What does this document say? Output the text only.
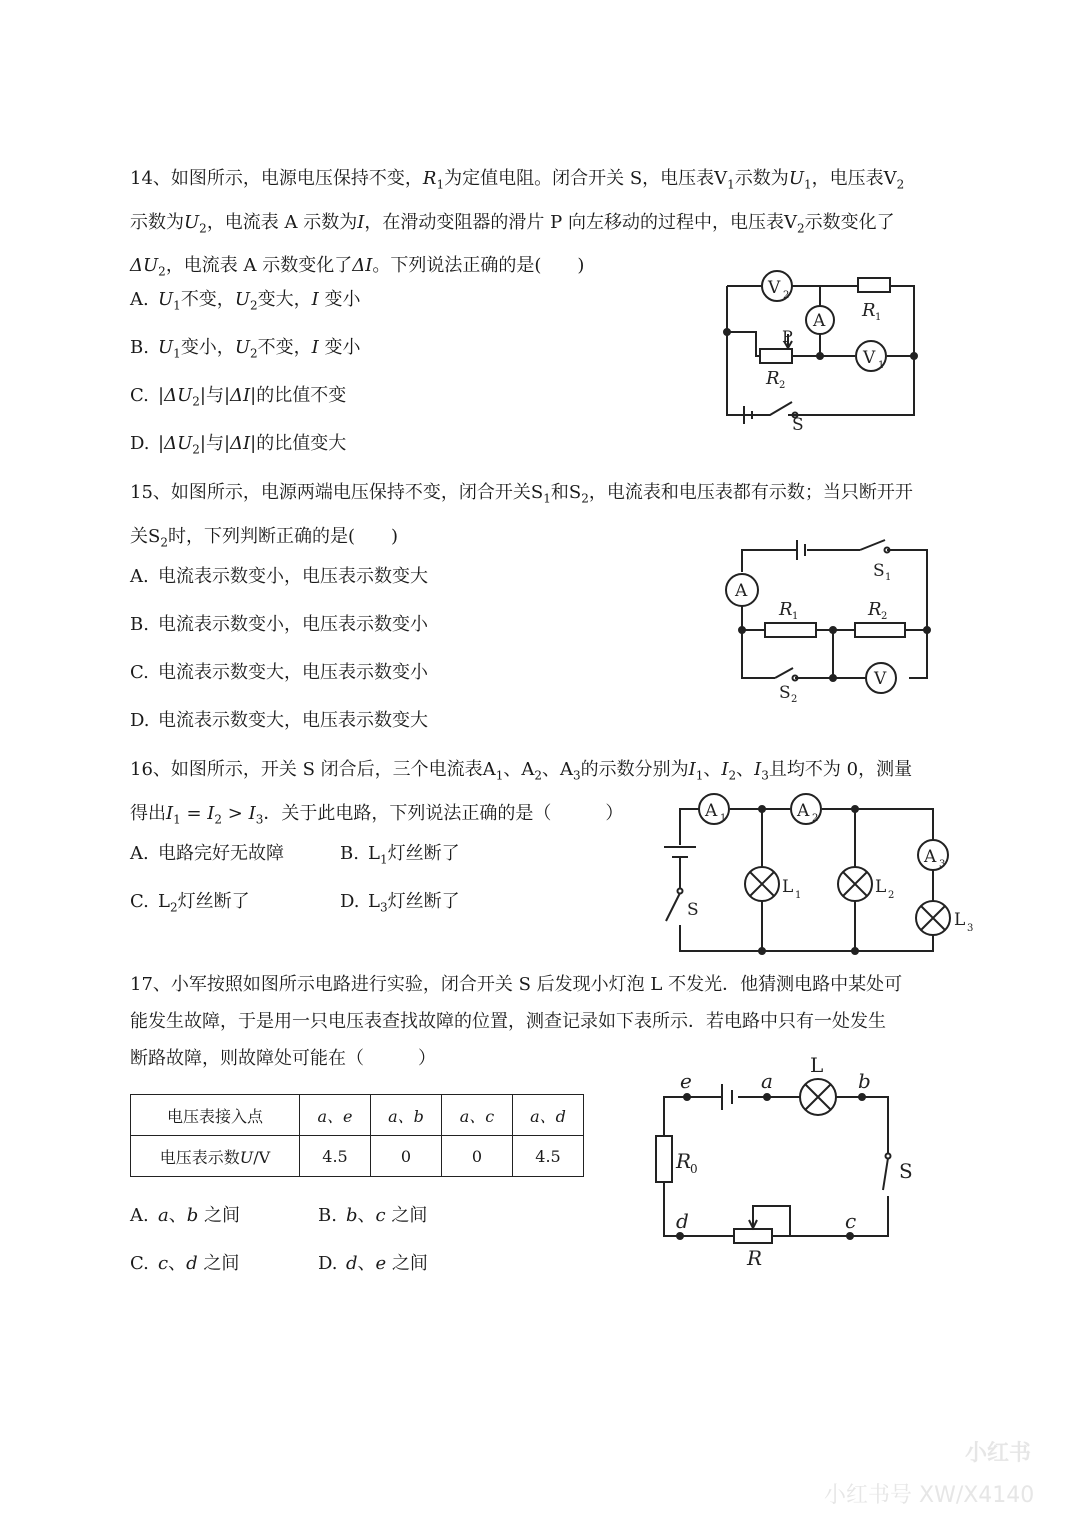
14、如图所示，电源电压保持不变，$R_1$为定值电阻。闭合开关 S，电压表$V_1$示数为$U_1$，电压表$V_2$
示数为$U_2$，电流表 A 示数为I，在滑动变阻器的滑片 P 向左移动的过程中，电压表$V_2$示数变化了
$\Delta U_2$，电流表 A 示数变化了ΔI。下列说法正确的是(　　)
A. $U_1$不变，$U_2$变大，I 变小
B. $U_1$变小，$U_2$不变，I 变小
C. $|\Delta U_2|$与|ΔI|的比值不变
D. $|\Delta U_2|$与|ΔI|的比值变大
V 2
A R 1
P
R 2
V 1
S
15、如图所示，电源两端电压保持不变，闭合开关$S_1$和$S_2$，电流表和电压表都有示数；当只断开开
关$S_2$时，下列判断正确的是(　　)
A. 电流表示数变小，电压表示数变大
B. 电流表示数变小，电压表示数变小
C. 电流表示数变大，电压表示数变小
D. 电流表示数变大，电压表示数变大
S 1
A
R 1	R 2
S 2
V
16、如图所示，开关 S 闭合后，三个电流表$A_1$、$A_2$、$A_3$的示数分别为$I_1$、$I_2$、$I_3$且均不为 0，测量
得出$I_1 = I_2 > I_3$．关于此电路，下列说法正确的是（　　　）
A. 电路完好无故障	B. $L_1$灯丝断了
C. $L_2$灯丝断了	D. $L_3$灯丝断了
A 1	A 2
S
L 1	L 2
A 3
L 3
17、小军按照如图所示电路进行实验，闭合开关 S 后发现小灯泡 L 不发光．他猜测电路中某处可
能发生故障，于是用一只电压表查找故障的位置，测查记录如下表所示．若电路中只有一处发生
断路故障，则故障处可能在（　　　）
电压表接入点	a、e	a、b	a、c	a、d
电压表示数U/V	4.5	0	0	4.5
A. a、b 之间	B. b、c 之间
C. c、d 之间	D. d、e 之间
e	a	b
L
R
0
d	c
R
S
小红书
小红书号 XW/X4140
